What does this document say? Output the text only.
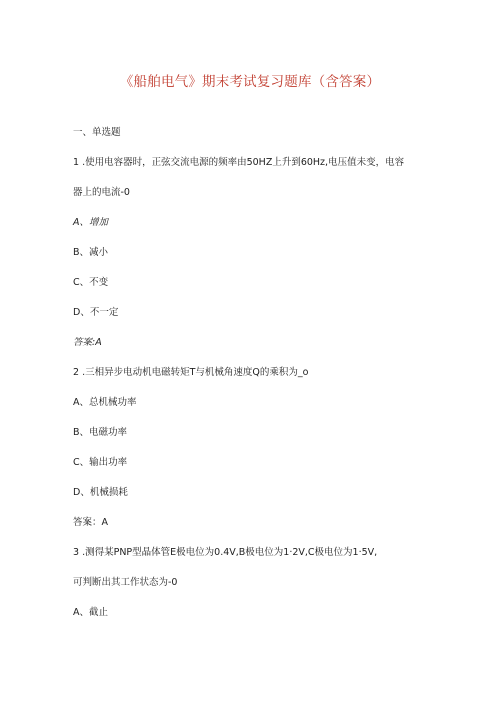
《船舶电气》期末考试复习题库（含答案）
一、单选题
1 .使用电容器时，正弦交流电源的频率由50HZ上升到60Hz,电压值未变，电容
器上的电流-0
A、增加
B、减小
C、不变
D、不一定
答案:A
2 .三相异步电动机电磁转矩T与机械角速度Q的乘积为_o
A、总机械功率
B、电磁功率
C、输出功率
D、机械损耗
答案：A
3 .测得某PNP型晶体管E极电位为0.4V,B极电位为1·2V,C极电位为1·5V,
可判断出其工作状态为-0
A、截止
